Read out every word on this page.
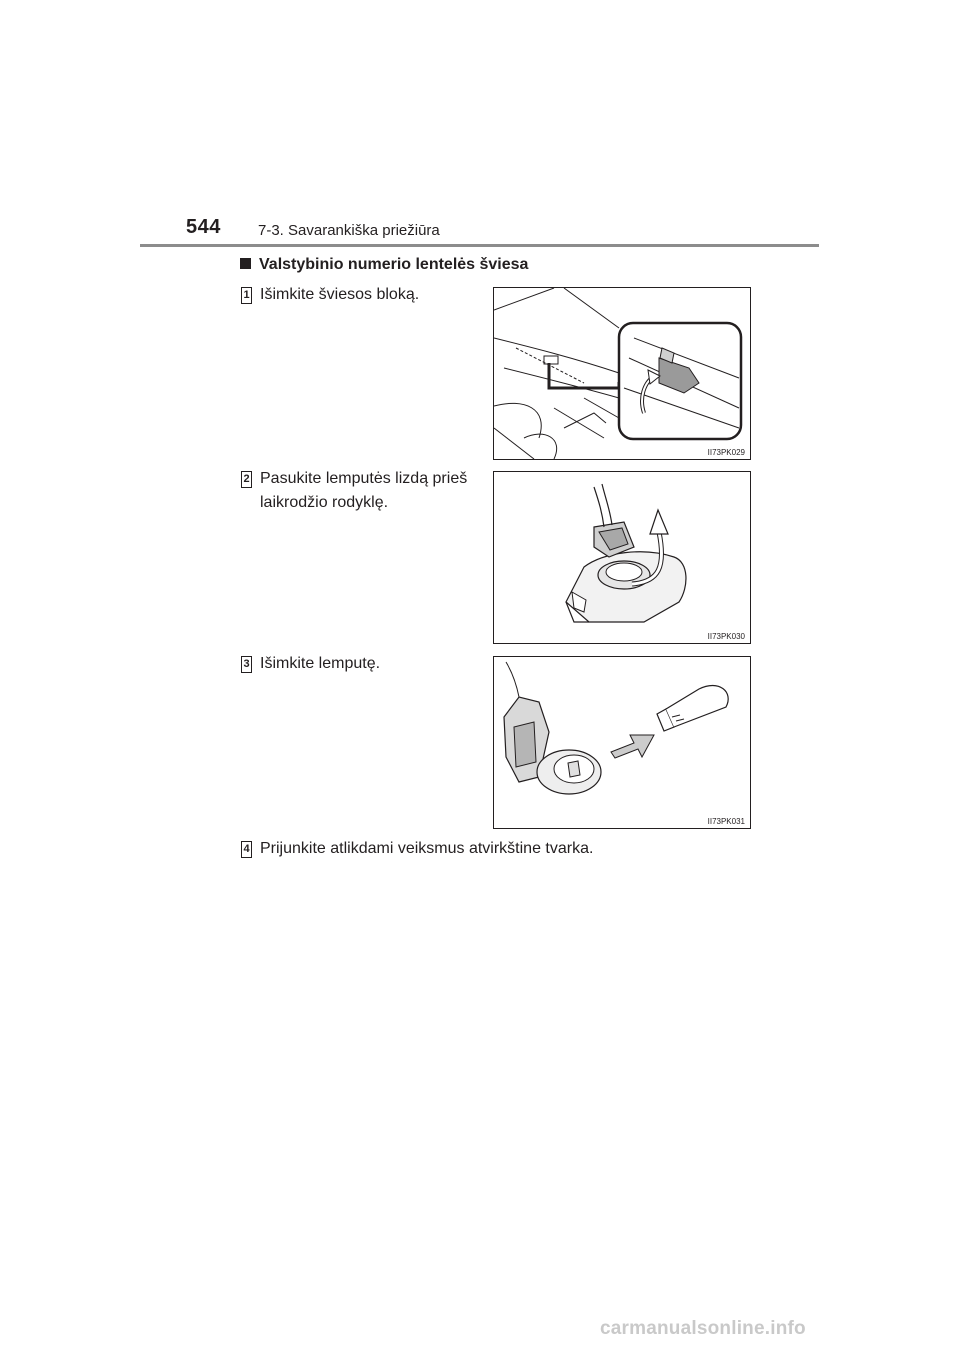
544 7-3. Savarankiška priežiūra
Valstybinio numerio lentelės šviesa
1 Išimkite šviesos bloką.
II73PK029
2 Pasukite lemputės lizdą prieš laikrodžio rodyklę.
II73PK030
3 Išimkite lemputę.
II73PK031
4 Prijunkite atlikdami veiksmus atvirkštine tvarka.
carmanualsonline.info
